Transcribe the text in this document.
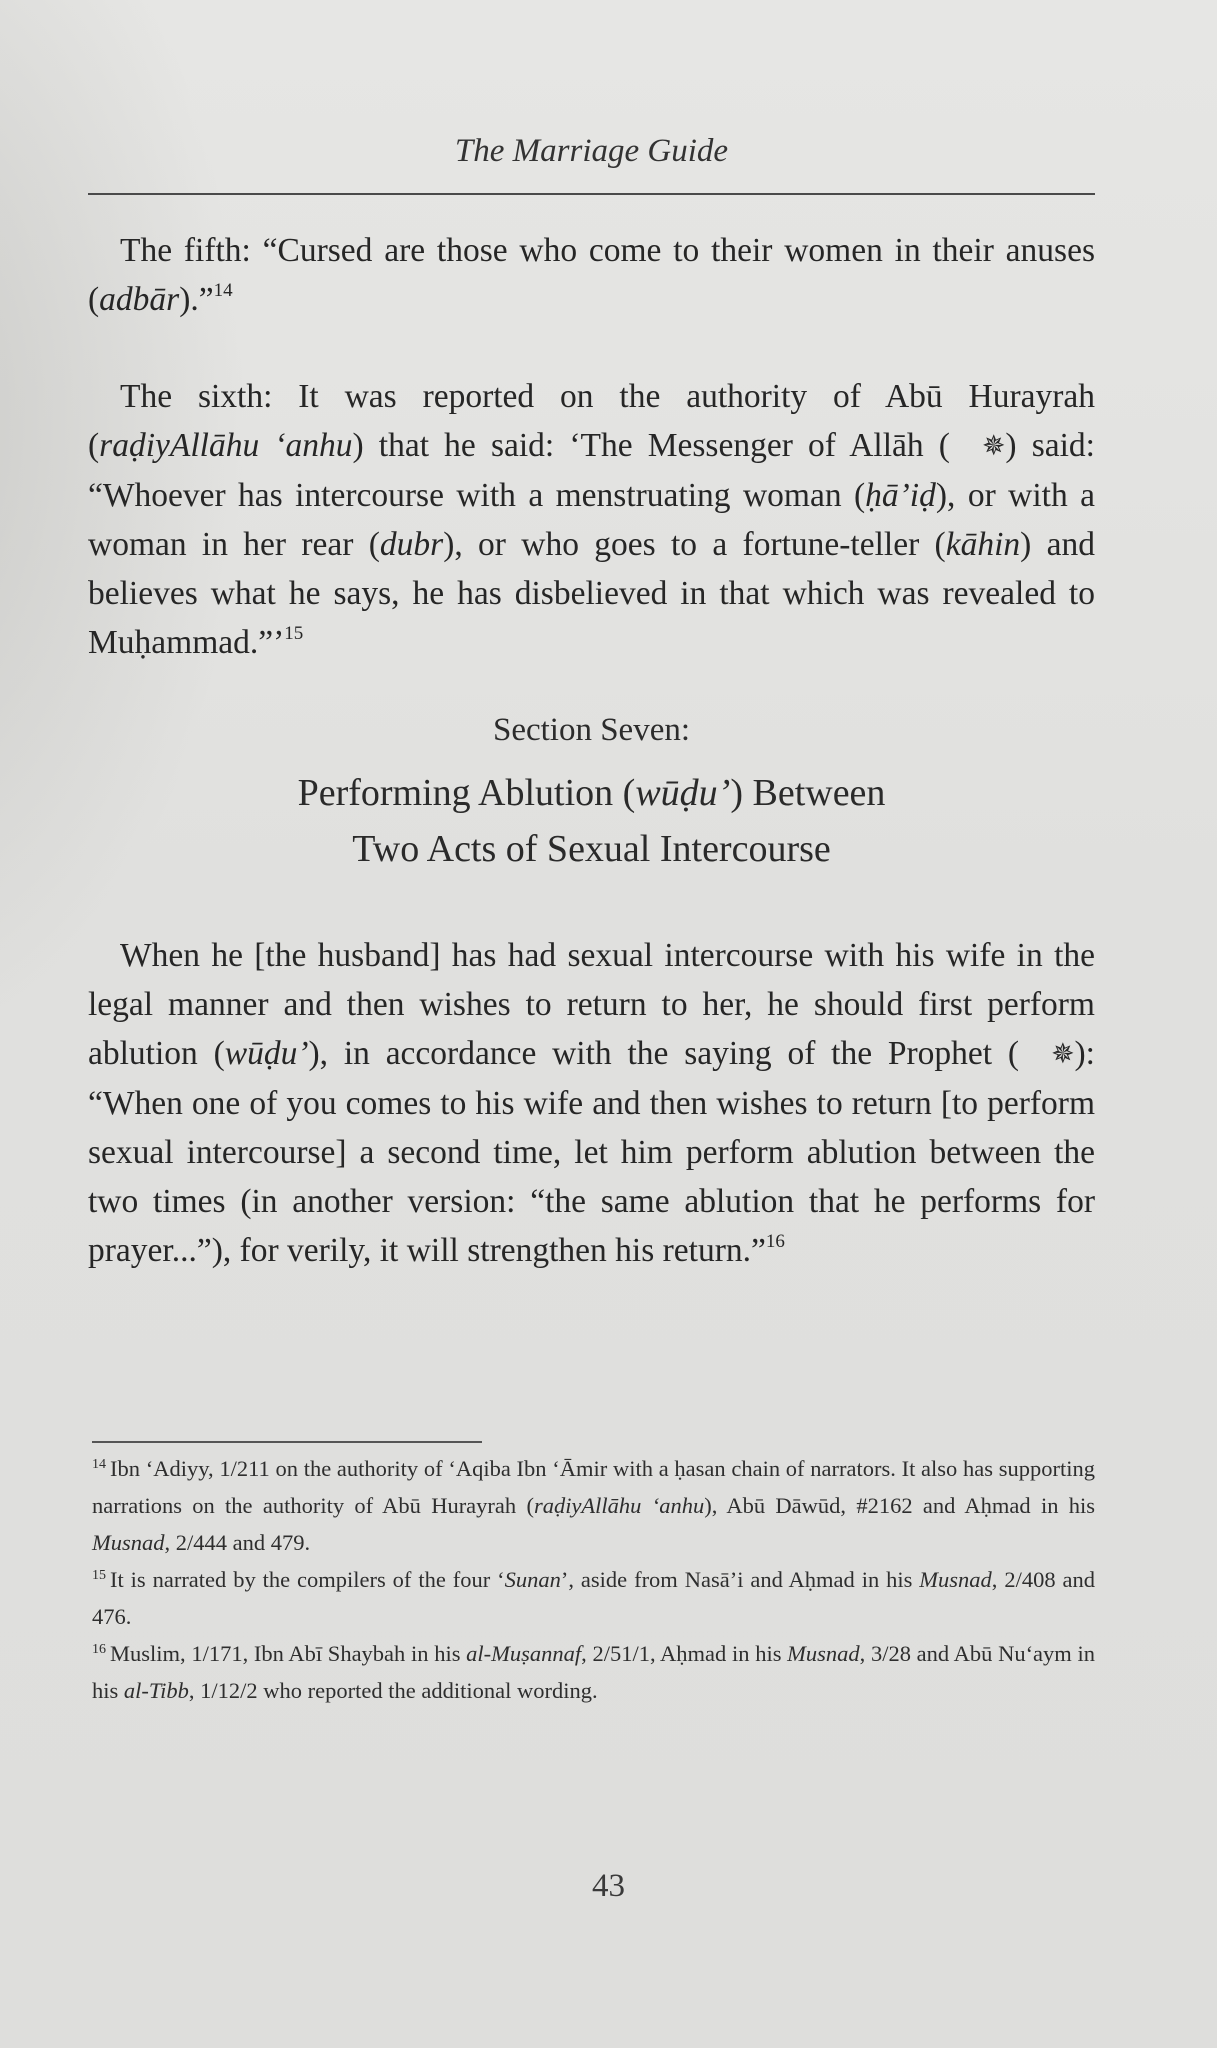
The Marriage Guide

The fifth: “Cursed are those who come to their women in their anuses (adbār).”$^{14}$

The sixth: It was reported on the authority of Abū Hurayrah (raḍiyAllāhu ‘anhu) that he said: ‘The Messenger of Allāh ( ✵) said: “Whoever has intercourse with a menstruating woman (ḥā’iḍ), or with a woman in her rear (dubr), or who goes to a fortune-teller (kāhin) and believes what he says, he has disbelieved in that which was revealed to Muḥammad.”’$^{15}$

Section Seven:
Performing Ablution (wūḍu’) Between
Two Acts of Sexual Intercourse

When he [the husband] has had sexual intercourse with his wife in the legal manner and then wishes to return to her, he should first perform ablution (wūḍu’), in accordance with the saying of the Prophet ( ✵): “When one of you comes to his wife and then wishes to return [to perform sexual intercourse] a second time, let him perform ablution between the two times (in another version: “the same ablution that he performs for prayer...”), for verily, it will strengthen his return.”$^{16}$

$^{14}$ Ibn ‘Adiyy, 1/211 on the authority of ‘Aqiba Ibn ‘Āmir with a ḥasan chain of narrators. It also has supporting narrations on the authority of Abū Hurayrah (raḍiyAllāhu ‘anhu), Abū Dāwūd, #2162 and Aḥmad in his Musnad, 2/444 and 479.

$^{15}$ It is narrated by the compilers of the four ‘Sunan’, aside from Nasā’i and Aḥmad in his Musnad, 2/408 and 476.

$^{16}$ Muslim, 1/171, Ibn Abī Shaybah in his al-Muṣannaf, 2/51/1, Aḥmad in his Musnad, 3/28 and Abū Nu‘aym in his al-Tibb, 1/12/2 who reported the additional wording.

43
